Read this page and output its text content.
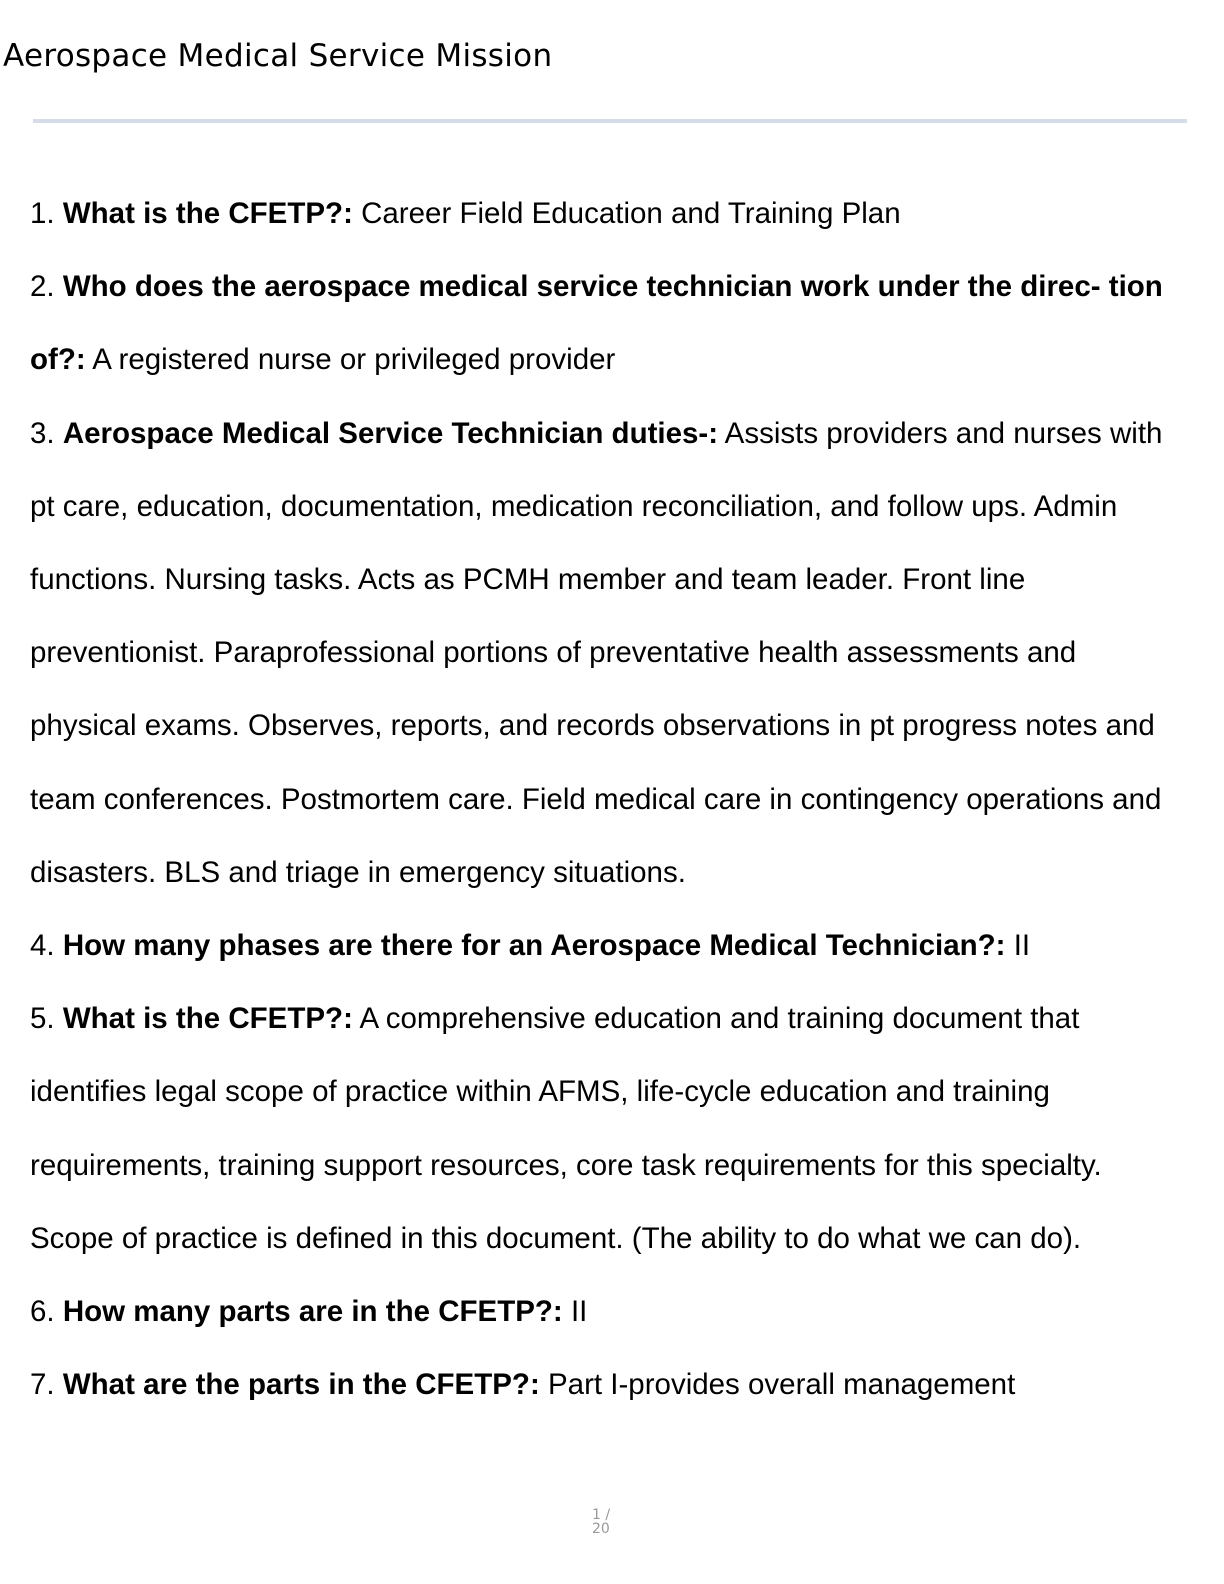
Aerospace Medical Service Mission

1. What is the CFETP?: Career Field Education and Training Plan

2. Who does the aerospace medical service technician work under the direc- tion of?: A registered nurse or privileged provider

3. Aerospace Medical Service Technician duties-: Assists providers and nurses with pt care, education, documentation, medication reconciliation, and follow ups. Admin functions. Nursing tasks. Acts as PCMH member and team leader. Front line preventionist. Paraprofessional portions of preventative health assessments and physical exams. Observes, reports, and records observations in pt progress notes and team conferences. Postmortem care. Field medical care in contingency operations and disasters. BLS and triage in emergency situations.

4. How many phases are there for an Aerospace Medical Technician?: II

5. What is the CFETP?: A comprehensive education and training document that identifies legal scope of practice within AFMS, life-cycle education and training requirements, training support resources, core task requirements for this specialty. Scope of practice is defined in this document. (The ability to do what we can do).

6. How many parts are in the CFETP?: II

7. What are the parts in the CFETP?: Part I-provides overall management

1 / 20
